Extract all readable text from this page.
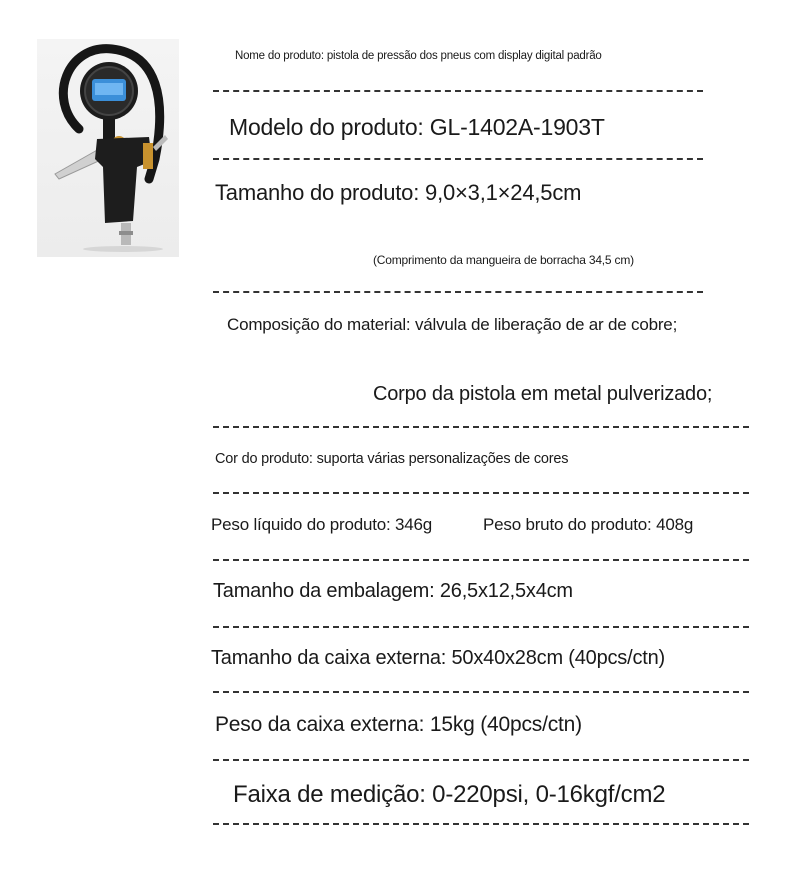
Nome do produto: pistola de pressão dos pneus com display digital padrão
Modelo do produto: GL-1402A-1903T
Tamanho do produto: 9,0×3,1×24,5cm
(Comprimento da mangueira de borracha 34,5 cm)
Composição do material: válvula de liberação de ar de cobre;
Corpo da pistola em metal pulverizado;
Cor do produto: suporta várias personalizações de cores
Peso líquido do produto: 346g	Peso bruto do produto: 408g
Tamanho da embalagem: 26,5x12,5x4cm
Tamanho da caixa externa: 50x40x28cm (40pcs/ctn)
Peso da caixa externa: 15kg (40pcs/ctn)
Faixa de medição: 0-220psi, 0-16kgf/cm2
